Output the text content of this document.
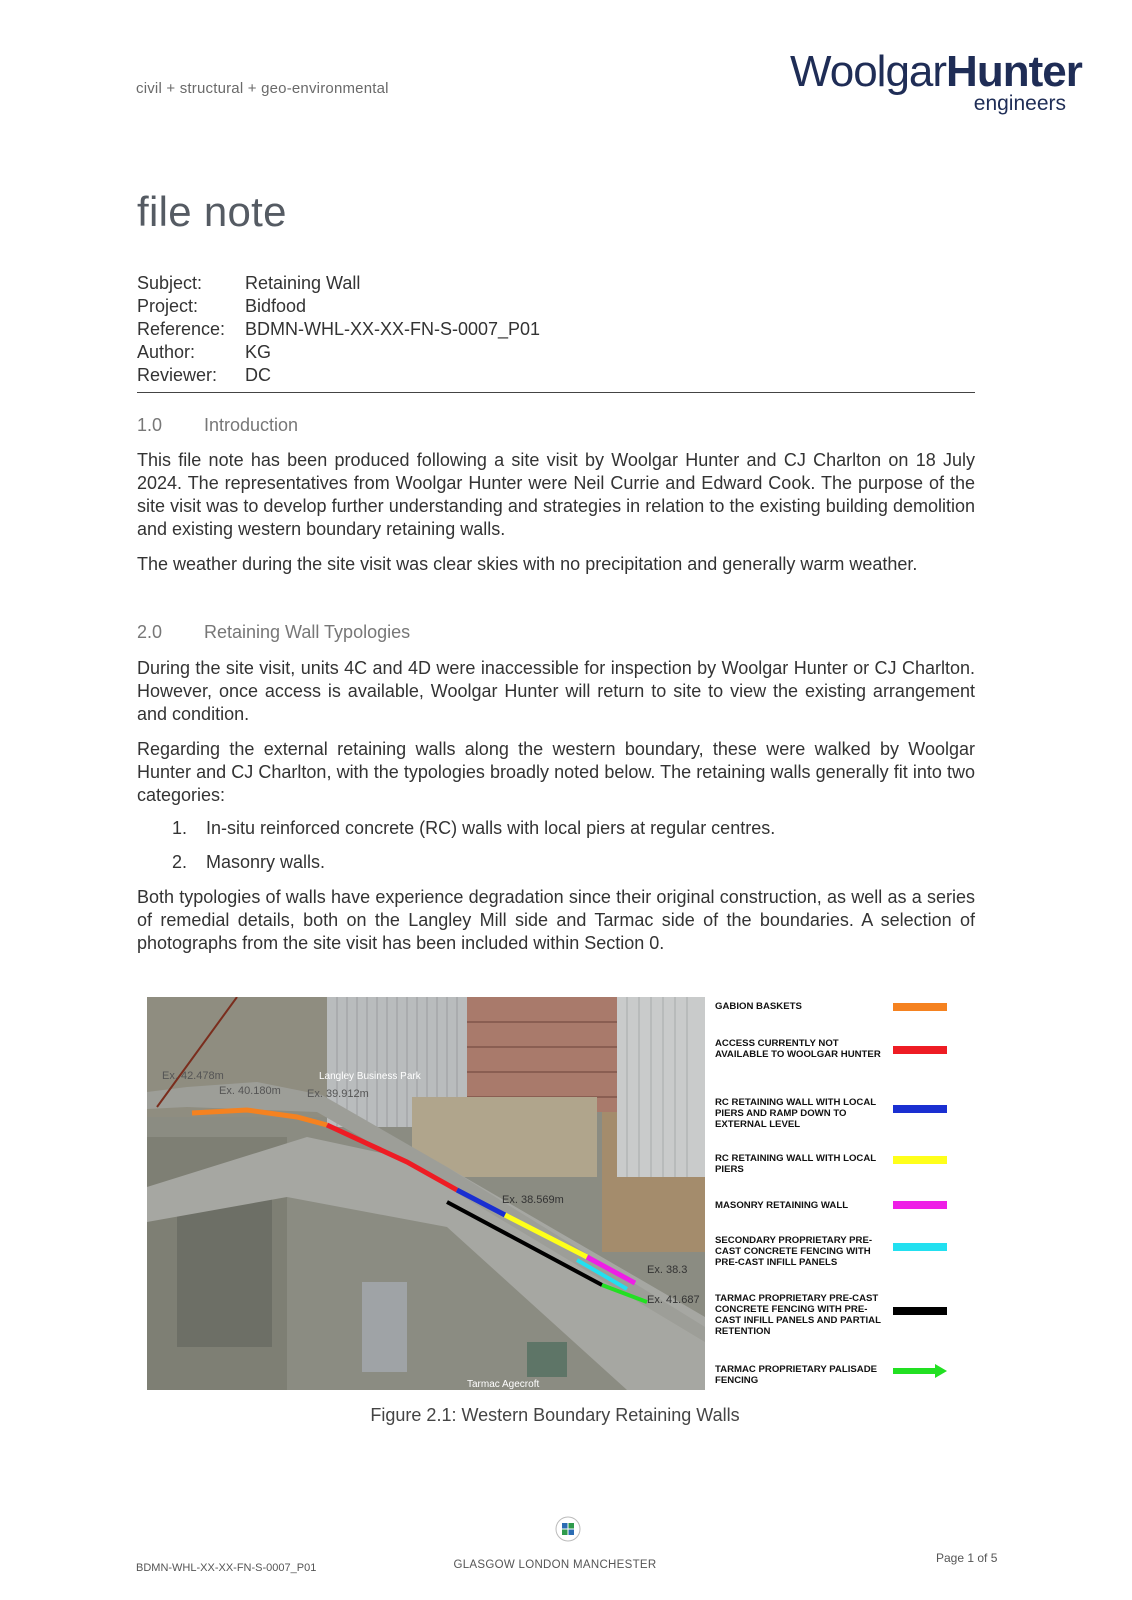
civil + structural + geo-environmental	WoolgarHunter
engineers
file note
Subject:	Retaining Wall
Project:	Bidfood
Reference:	BDMN-WHL-XX-XX-FN-S-0007_P01
Author:	KG
Reviewer:	DC
1.0 Introduction
This file note has been produced following a site visit by Woolgar Hunter and CJ Charlton on 18 July 2024. The representatives from Woolgar Hunter were Neil Currie and Edward Cook. The purpose of the site visit was to develop further understanding and strategies in relation to the existing building demolition and existing western boundary retaining walls.
The weather during the site visit was clear skies with no precipitation and generally warm weather.
2.0 Retaining Wall Typologies
During the site visit, units 4C and 4D were inaccessible for inspection by Woolgar Hunter or CJ Charlton. However, once access is available, Woolgar Hunter will return to site to view the existing arrangement and condition.
Regarding the external retaining walls along the western boundary, these were walked by Woolgar Hunter and CJ Charlton, with the typologies broadly noted below. The retaining walls generally fit into two categories:
1.	In-situ reinforced concrete (RC) walls with local piers at regular centres.
2.	Masonry walls.
Both typologies of walls have experience degradation since their original construction, as well as a series of remedial details, both on the Langley Mill side and Tarmac side of the boundaries. A selection of photographs from the site visit has been included within Section 0.
Langley Business Park
Tarmac Agecroft
Ex. 42.478m
Ex. 40.180m Ex. 39.912m
Ex. 38.569m
Ex. 38.3
Ex. 41.687
GABION BASKETS
ACCESS CURRENTLY NOT AVAILABLE TO WOOLGAR HUNTER
RC RETAINING WALL WITH LOCAL PIERS AND RAMP DOWN TO EXTERNAL LEVEL
RC RETAINING WALL WITH LOCAL PIERS
MASONRY RETAINING WALL
SECONDARY PROPRIETARY PRE-CAST CONCRETE FENCING WITH PRE-CAST INFILL PANELS
TARMAC PROPRIETARY PRE-CAST CONCRETE FENCING WITH PRE-CAST INFILL PANELS AND PARTIAL RETENTION
TARMAC PROPRIETARY PALISADE FENCING
Figure 2.1: Western Boundary Retaining Walls
BDMN-WHL-XX-XX-FN-S-0007_P01	GLASGOW LONDON MANCHESTER	Page 1 of 5
